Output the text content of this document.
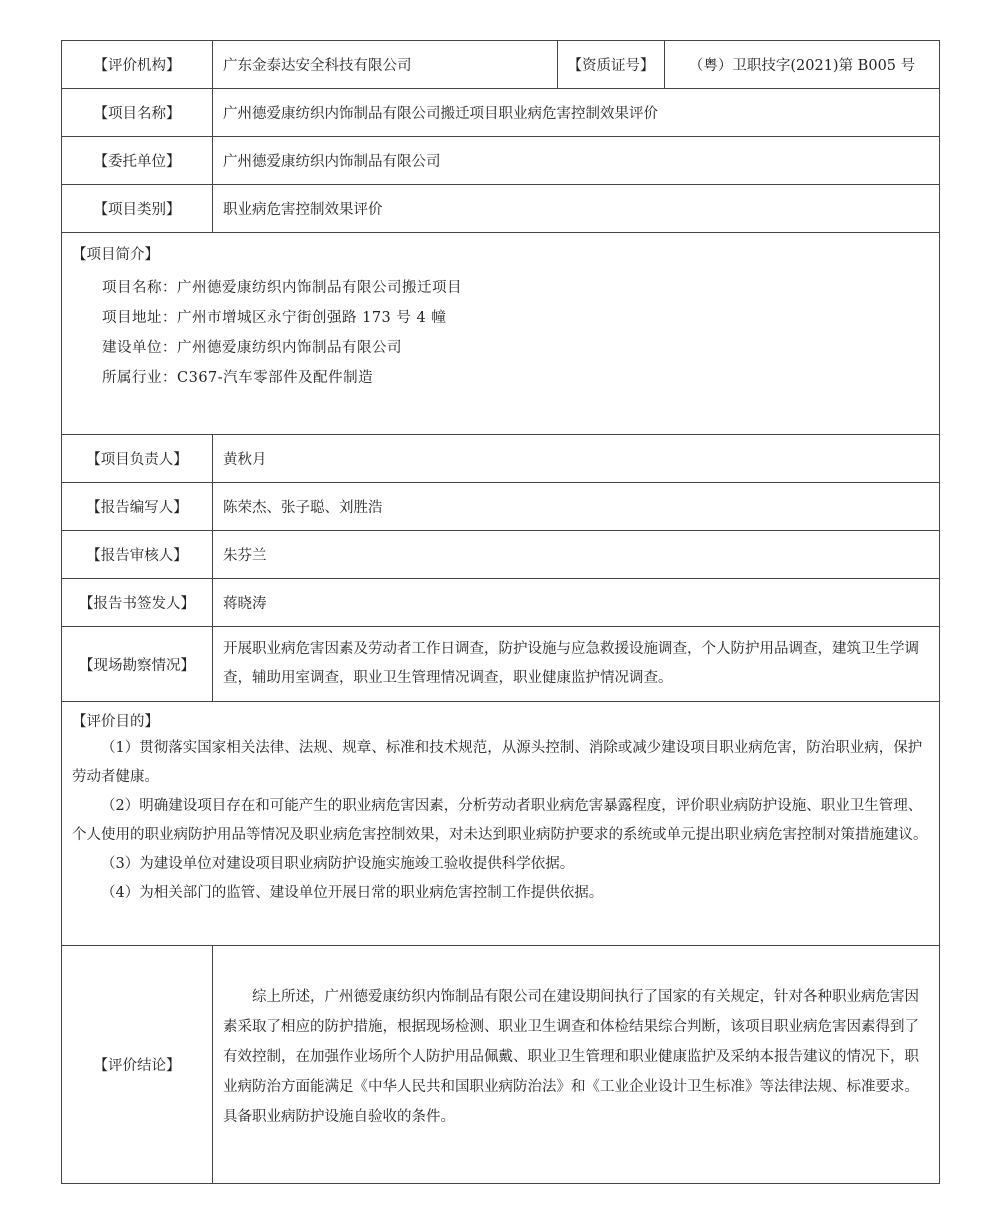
【评价机构】	广东金泰达安全科技有限公司	【资质证号】	（粤）卫职技字(2021)第 B005 号
【项目名称】	广州德爱康纺织内饰制品有限公司搬迁项目职业病危害控制效果评价		
【委托单位】	广州德爱康纺织内饰制品有限公司		
【项目类别】	职业病危害控制效果评价		

【项目简介】
项目名称：广州德爱康纺织内饰制品有限公司搬迁项目
项目地址：广州市增城区永宁街创强路 173 号 4 幢
建设单位：广州德爱康纺织内饰制品有限公司
所属行业：C367-汽车零部件及配件制造			

【项目负责人】	黄秋月		
【报告编写人】	陈荣杰、张子聪、刘胜浩		
【报告审核人】	朱芬兰		
【报告书签发人】	蒋晓涛		
【现场勘察情况】	开展职业病危害因素及劳动者工作日调查，防护设施与应急救援设施调查，个人防护用品调查，建筑卫生学调查，辅助用室调查，职业卫生管理情况调查，职业健康监护情况调查。		

【评价目的】

（1）贯彻落实国家相关法律、法规、规章、标准和技术规范，从源头控制、消除或减少建设项目职业病危害，防治职业病，保护劳动者健康。

（2）明确建设项目存在和可能产生的职业病危害因素，分析劳动者职业病危害暴露程度，评价职业病防护设施、职业卫生管理、个人使用的职业病防护用品等情况及职业病危害控制效果，对未达到职业病防护要求的系统或单元提出职业病危害控制对策措施建议。

（3）为建设单位对建设项目职业病防护设施实施竣工验收提供科学依据。

（4）为相关部门的监管、建设单位开展日常的职业病危害控制工作提供依据。			

【评价结论】	综上所述，广州德爱康纺织内饰制品有限公司在建设期间执行了国家的有关规定，针对各种职业病危害因素采取了相应的防护措施，根据现场检测、职业卫生调查和体检结果综合判断，该项目职业病危害因素得到了有效控制，在加强作业场所个人防护用品佩戴、职业卫生管理和职业健康监护及采纳本报告建议的情况下，职业病防治方面能满足《中华人民共和国职业病防治法》和《工业企业设计卫生标准》等法律法规、标准要求。具备职业病防护设施自验收的条件。		
